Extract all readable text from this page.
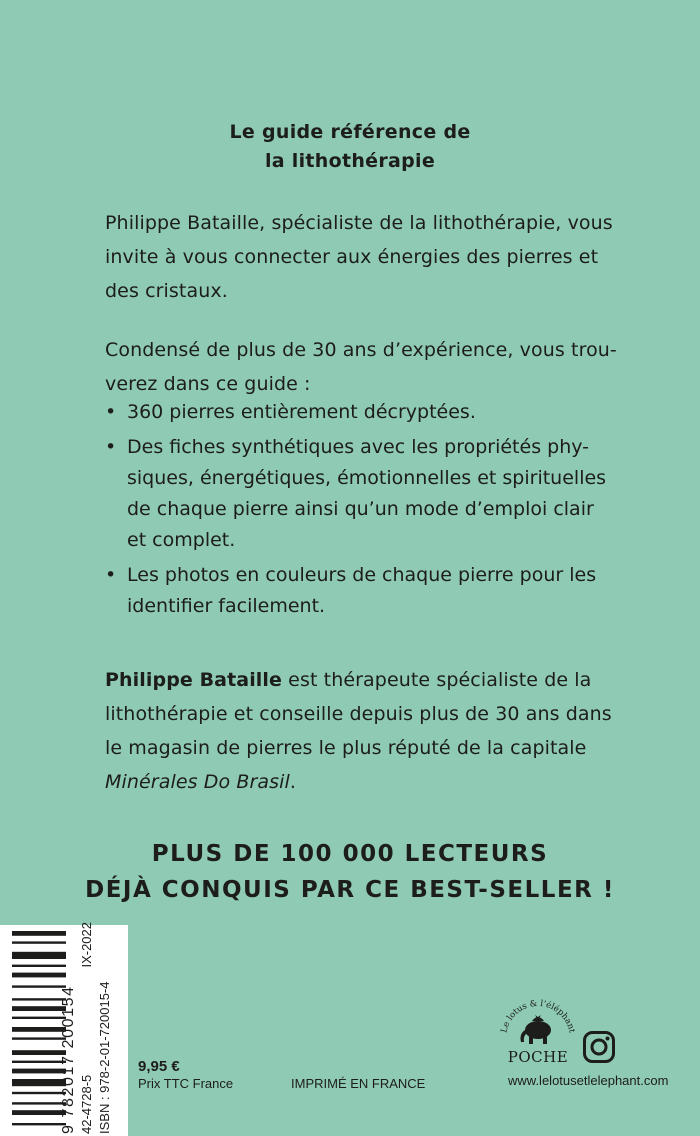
Le guide référence de
la lithothérapie
Philippe Bataille, spécialiste de la lithothérapie, vous
invite à vous connecter aux énergies des pierres et
des cristaux.
Condensé de plus de 30 ans d’expérience, vous trou-
verez dans ce guide :
• 360 pierres entièrement décryptées.
• Des fiches synthétiques avec les propriétés phy-
siques, énergétiques, émotionnelles et spirituelles
de chaque pierre ainsi qu’un mode d’emploi clair
et complet.
• Les photos en couleurs de chaque pierre pour les
identifier facilement.
Philippe Bataille est thérapeute spécialiste de la
lithothérapie et conseille depuis plus de 30 ans dans
le magasin de pierres le plus réputé de la capitale
Minérales Do Brasil.
PLUS DE 100 000 LECTEURS
DÉJÀ CONQUIS PAR CE BEST-SELLER !
9 782017 200154 42-4728-5
IX-2022
ISBN : 978-2-01-720015-4 9,95 €
Prix TTC France	IMPRIMÉ EN FRANCE
Le lotus & l’éléphant
POCHE
www.lelotusetlelephant.com
